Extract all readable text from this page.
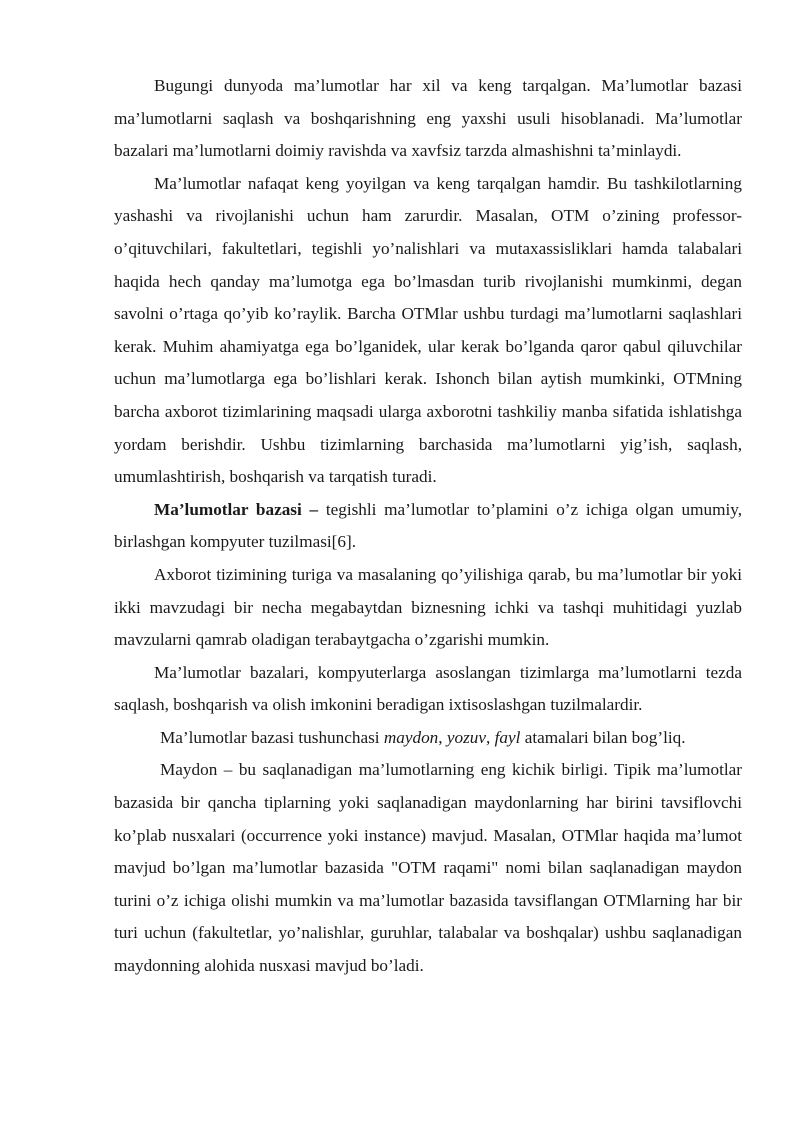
Bugungi dunyoda ma’lumotlar har xil va keng tarqalgan. Ma’lumotlar bazasi ma’lumotlarni saqlash va boshqarishning eng yaxshi usuli hisoblanadi. Ma’lumotlar bazalari ma’lumotlarni doimiy ravishda va xavfsiz tarzda almashishni ta’minlaydi.

Ma’lumotlar nafaqat keng yoyilgan va keng tarqalgan hamdir. Bu tashkilotlarning yashashi va rivojlanishi uchun ham zarurdir. Masalan, OTM o’zining professor-o’qituvchilari, fakultetlari, tegishli yo’nalishlari va mutaxassisliklari hamda talabalari haqida hech qanday ma’lumotga ega bo’lmasdan turib rivojlanishi mumkinmi, degan savolni o’rtaga qo’yib ko’raylik. Barcha OTMlar ushbu turdagi ma’lumotlarni saqlashlari kerak. Muhim ahamiyatga ega bo’lganidek, ular kerak bo’lganda qaror qabul qiluvchilar uchun ma’lumotlarga ega bo’lishlari kerak. Ishonch bilan aytish mumkinki, OTMning barcha axborot tizimlarining maqsadi ularga axborotni tashkiliy manba sifatida ishlatishga yordam berishdir. Ushbu tizimlarning barchasida ma’lumotlarni yig’ish, saqlash, umumlashtirish, boshqarish va tarqatish turadi.

Ma’lumotlar bazasi – tegishli ma’lumotlar to’plamini o’z ichiga olgan umumiy, birlashgan kompyuter tuzilmasi[6].

Axborot tizimining turiga va masalaning qo’yilishiga qarab, bu ma’lumotlar bir yoki ikki mavzudagi bir necha megabaytdan biznesning ichki va tashqi muhitidagi yuzlab mavzularni qamrab oladigan terabaytgacha o’zgarishi mumkin.

Ma’lumotlar bazalari, kompyuterlarga asoslangan tizimlarga ma’lumotlarni tezda saqlash, boshqarish va olish imkonini beradigan ixtisoslashgan tuzilmalardir.

Ma’lumotlar bazasi tushunchasi maydon, yozuv, fayl atamalari bilan bog’liq.

Maydon – bu saqlanadigan ma’lumotlarning eng kichik birligi. Tipik ma’lumotlar bazasida bir qancha tiplarning yoki saqlanadigan maydonlarning har birini tavsiflovchi ko’plab nusxalari (occurrence yoki instance) mavjud. Masalan, OTMlar haqida ma’lumot mavjud bo’lgan ma’lumotlar bazasida "OTM raqami" nomi bilan saqlanadigan maydon turini o’z ichiga olishi mumkin va ma’lumotlar bazasida tavsiflangan OTMlarning har bir turi uchun (fakultetlar, yo’nalishlar, guruhlar, talabalar va boshqalar) ushbu saqlanadigan maydonning alohida nusxasi mavjud bo’ladi.
